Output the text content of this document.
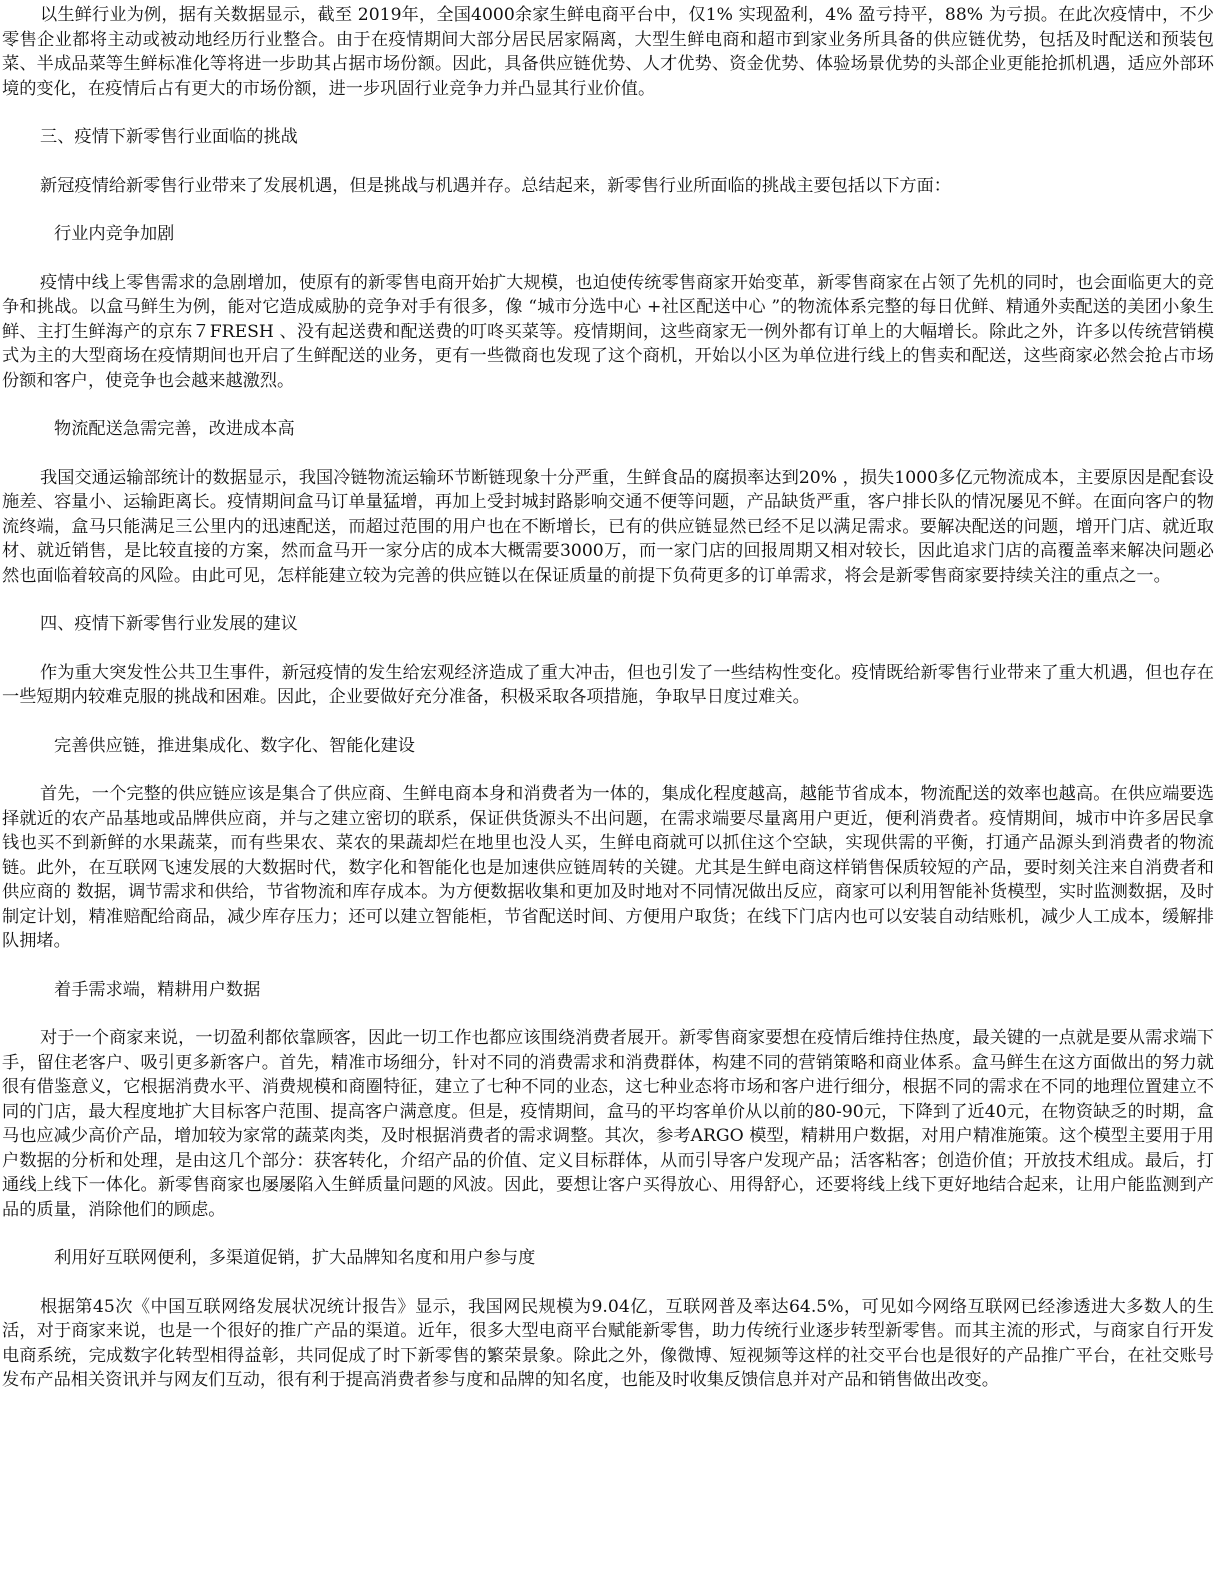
以生鲜行业为例，据有关数据显示，截至 2019年，全国4000余家生鲜电商平台中，仅1% 实现盈利，4% 盈亏持平，88% 为亏损。在此次疫情中，不少零售企业都将主动或被动地经历行业整合。由于在疫情期间大部分居民居家隔离，大型生鲜电商和超市到家业务所具备的供应链优势，包括及时配送和预装包菜、半成品菜等生鲜标准化等将进一步助其占据市场份额。因此，具备供应链优势、人才优势、资金优势、体验场景优势的头部企业更能抢抓机遇，适应外部环境的变化，在疫情后占有更大的市场份额，进一步巩固行业竞争力并凸显其行业价值。

三、疫情下新零售行业面临的挑战

新冠疫情给新零售行业带来了发展机遇，但是挑战与机遇并存。总结起来，新零售行业所面临的挑战主要包括以下方面：

行业内竞争加剧

疫情中线上零售需求的急剧增加，使原有的新零售电商开始扩大规模，也迫使传统零售商家开始变革，新零售商家在占领了先机的同时，也会面临更大的竞争和挑战。以盒马鲜生为例，能对它造成威胁的竞争对手有很多，像 “城市分选中心 +社区配送中心 ”的物流体系完整的每日优鲜、精通外卖配送的美团小象生鲜、主打生鲜海产的京东７FRESH 、没有起送费和配送费的叮咚买菜等。疫情期间，这些商家无一例外都有订单上的大幅增长。除此之外，许多以传统营销模式为主的大型商场在疫情期间也开启了生鲜配送的业务，更有一些微商也发现了这个商机，开始以小区为单位进行线上的售卖和配送，这些商家必然会抢占市场份额和客户，使竞争也会越来越激烈。

物流配送急需完善，改进成本高

我国交通运输部统计的数据显示，我国冷链物流运输环节断链现象十分严重，生鲜食品的腐损率达到20% ，损失1000多亿元物流成本，主要原因是配套设施差、容量小、运输距离长。疫情期间盒马订单量猛增，再加上受封城封路影响交通不便等问题，产品缺货严重，客户排长队的情况屡见不鲜。在面向客户的物流终端，盒马只能满足三公里内的迅速配送，而超过范围的用户也在不断增长，已有的供应链显然已经不足以满足需求。要解决配送的问题，增开门店、就近取材、就近销售，是比较直接的方案，然而盒马开一家分店的成本大概需要3000万，而一家门店的回报周期又相对较长，因此追求门店的高覆盖率来解决问题必然也面临着较高的风险。由此可见，怎样能建立较为完善的供应链以在保证质量的前提下负荷更多的订单需求，将会是新零售商家要持续关注的重点之一。

四、疫情下新零售行业发展的建议

作为重大突发性公共卫生事件，新冠疫情的发生给宏观经济造成了重大冲击，但也引发了一些结构性变化。疫情既给新零售行业带来了重大机遇，但也存在一些短期内较难克服的挑战和困难。因此，企业要做好充分准备，积极采取各项措施，争取早日度过难关。

完善供应链，推进集成化、数字化、智能化建设

首先，一个完整的供应链应该是集合了供应商、生鲜电商本身和消费者为一体的，集成化程度越高，越能节省成本，物流配送的效率也越高。在供应端要选择就近的农产品基地或品牌供应商，并与之建立密切的联系，保证供货源头不出问题，在需求端要尽量离用户更近，便利消费者。疫情期间，城市中许多居民拿钱也买不到新鲜的水果蔬菜，而有些果农、菜农的果蔬却烂在地里也没人买，生鲜电商就可以抓住这个空缺，实现供需的平衡，打通产品源头到消费者的物流链。此外，在互联网飞速发展的大数据时代，数字化和智能化也是加速供应链周转的关键。尤其是生鲜电商这样销售保质较短的产品，要时刻关注来自消费者和供应商的 数据，调节需求和供给，节省物流和库存成本。为方便数据收集和更加及时地对不同情况做出反应，商家可以利用智能补货模型，实时监测数据，及时制定计划，精准赔配给商品，减少库存压力；还可以建立智能柜，节省配送时间、方便用户取货；在线下门店内也可以安装自动结账机，减少人工成本，缓解排队拥堵。

着手需求端，精耕用户数据

对于一个商家来说，一切盈利都依靠顾客，因此一切工作也都应该围绕消费者展开。新零售商家要想在疫情后维持住热度，最关键的一点就是要从需求端下手，留住老客户、吸引更多新客户。首先，精准市场细分，针对不同的消费需求和消费群体，构建不同的营销策略和商业体系。盒马鲜生在这方面做出的努力就很有借鉴意义，它根据消费水平、消费规模和商圈特征，建立了七种不同的业态，这七种业态将市场和客户进行细分，根据不同的需求在不同的地理位置建立不同的门店，最大程度地扩大目标客户范围、提高客户满意度。但是，疫情期间，盒马的平均客单价从以前的80-90元，下降到了近40元，在物资缺乏的时期，盒马也应减少高价产品，增加较为家常的蔬菜肉类，及时根据消费者的需求调整。其次，参考ARGO 模型，精耕用户数据，对用户精准施策。这个模型主要用于用户数据的分析和处理，是由这几个部分：获客转化，介绍产品的价值、定义目标群体，从而引导客户发现产品；活客粘客；创造价值；开放技术组成。最后，打通线上线下一体化。新零售商家也屡屡陷入生鲜质量问题的风波。因此，要想让客户买得放心、用得舒心，还要将线上线下更好地结合起来，让用户能监测到产品的质量，消除他们的顾虑。

利用好互联网便利，多渠道促销，扩大品牌知名度和用户参与度

根据第45次《中国互联网络发展状况统计报告》显示，我国网民规模为9.04亿，互联网普及率达64.5%，可见如今网络互联网已经渗透进大多数人的生活，对于商家来说，也是一个很好的推广产品的渠道。近年，很多大型电商平台赋能新零售，助力传统行业逐步转型新零售。而其主流的形式，与商家自行开发电商系统，完成数字化转型相得益彰，共同促成了时下新零售的繁荣景象。除此之外，像微博、短视频等这样的社交平台也是很好的产品推广平台，在社交账号发布产品相关资讯并与网友们互动，很有利于提高消费者参与度和品牌的知名度，也能及时收集反馈信息并对产品和销售做出改变。
